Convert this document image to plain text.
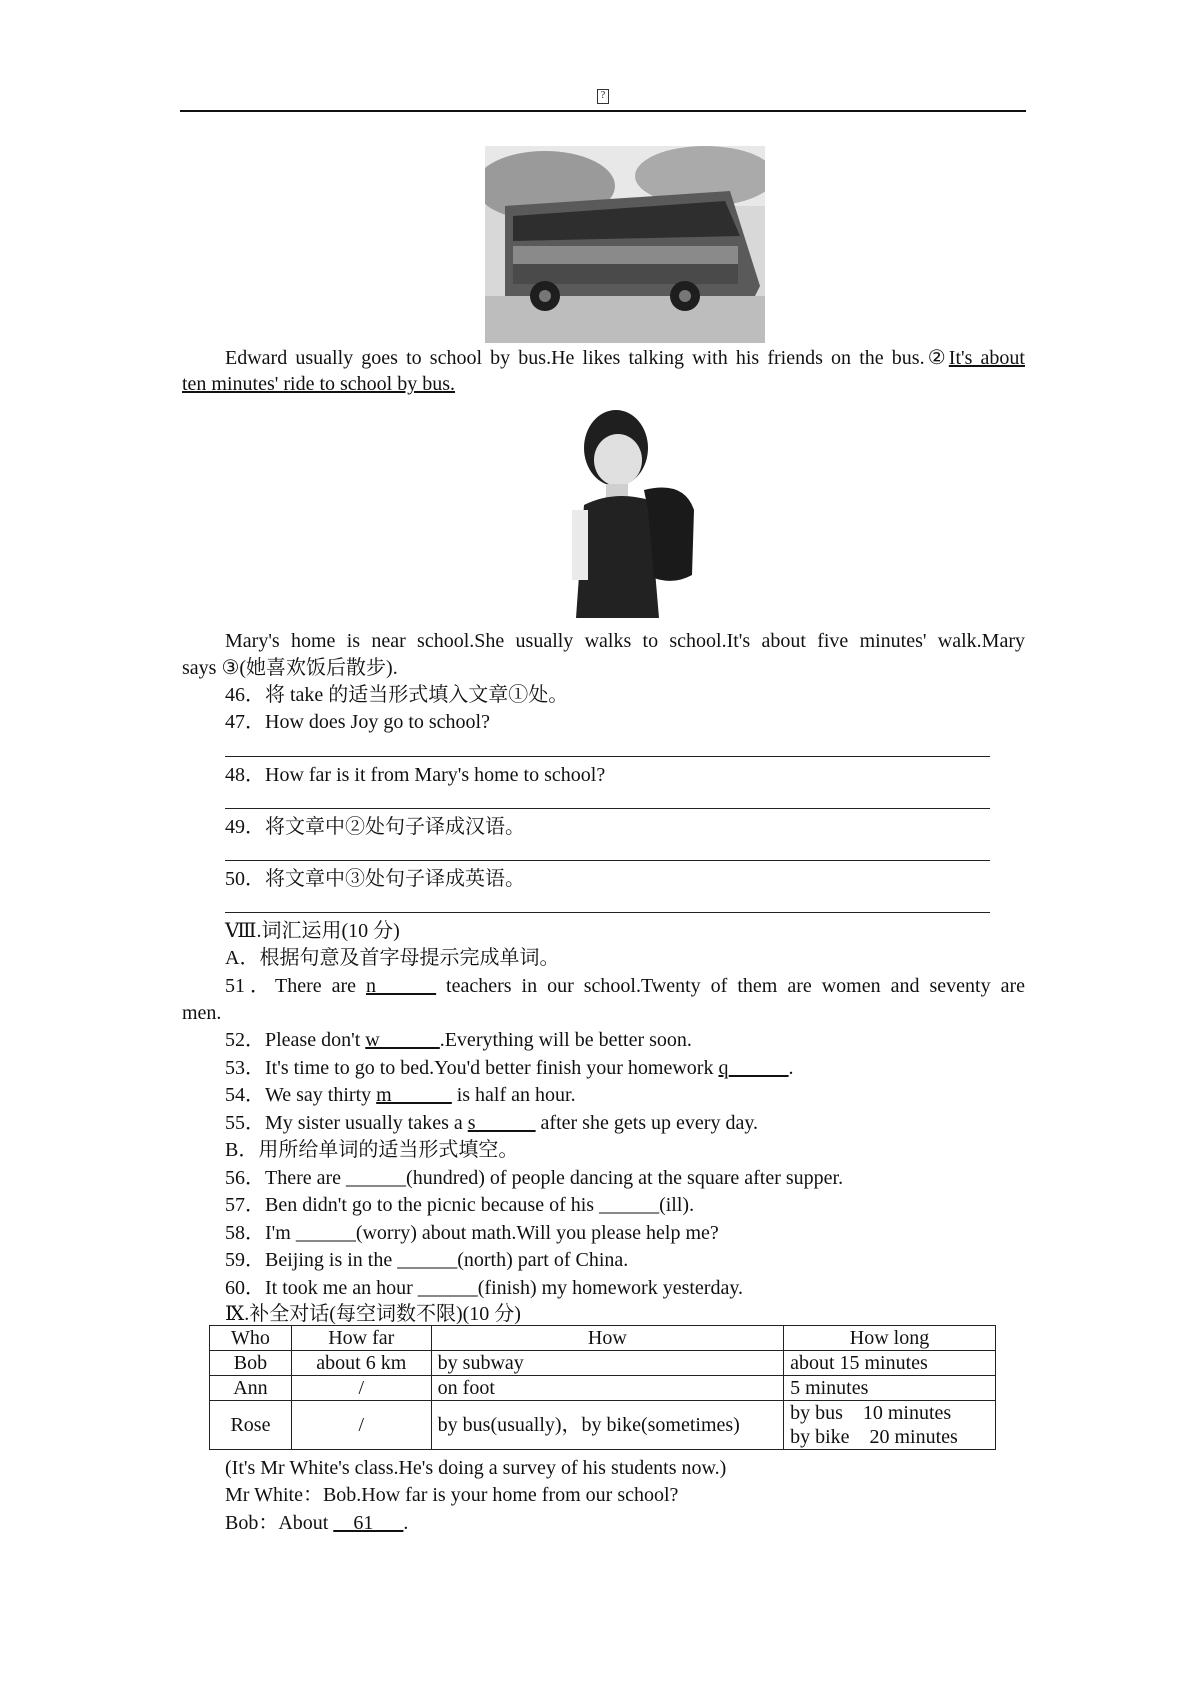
?
Edward usually goes to school by bus.He likes talking with his friends on the bus.②It's about
ten minutes' ride to school by bus.
Mary's home is near school.She usually walks to school.It's about five minutes' walk.Mary
says ③(她喜欢饭后散步).
46．将 take 的适当形式填入文章①处。
47．How does Joy go to school?
48．How far is it from Mary's home to school?
49．将文章中②处句子译成汉语。
50．将文章中③处句子译成英语。
Ⅷ.词汇运用(10 分)
A．根据句意及首字母提示完成单词。
51．There are n______ teachers in our school.Twenty of them are women and seventy are
men.
52．Please don't w______.Everything will be better soon.
53．It's time to go to bed.You'd better finish your homework q______.
54．We say thirty m______ is half an hour.
55．My sister usually takes a s______ after she gets up every day.
B．用所给单词的适当形式填空。
56．There are ______(hundred) of people dancing at the square after supper.
57．Ben didn't go to the picnic because of his ______(ill).
58．I'm ______(worry) about math.Will you please help me?
59．Beijing is in the ______(north) part of China.
60．It took me an hour ______(finish) my homework yesterday.
Ⅸ.补全对话(每空词数不限)(10 分)
Who	How far	How	How long
Bob	about 6 km	by subway	about 15 minutes
Ann	/	on foot	5 minutes
Rose	/	by bus(usually)，by bike(sometimes)	by bus    10 minutes
by bike    20 minutes
(It's Mr White's class.He's doing a survey of his students now.)
Mr White：Bob.How far is your home from our school?
Bob：About __61___.
